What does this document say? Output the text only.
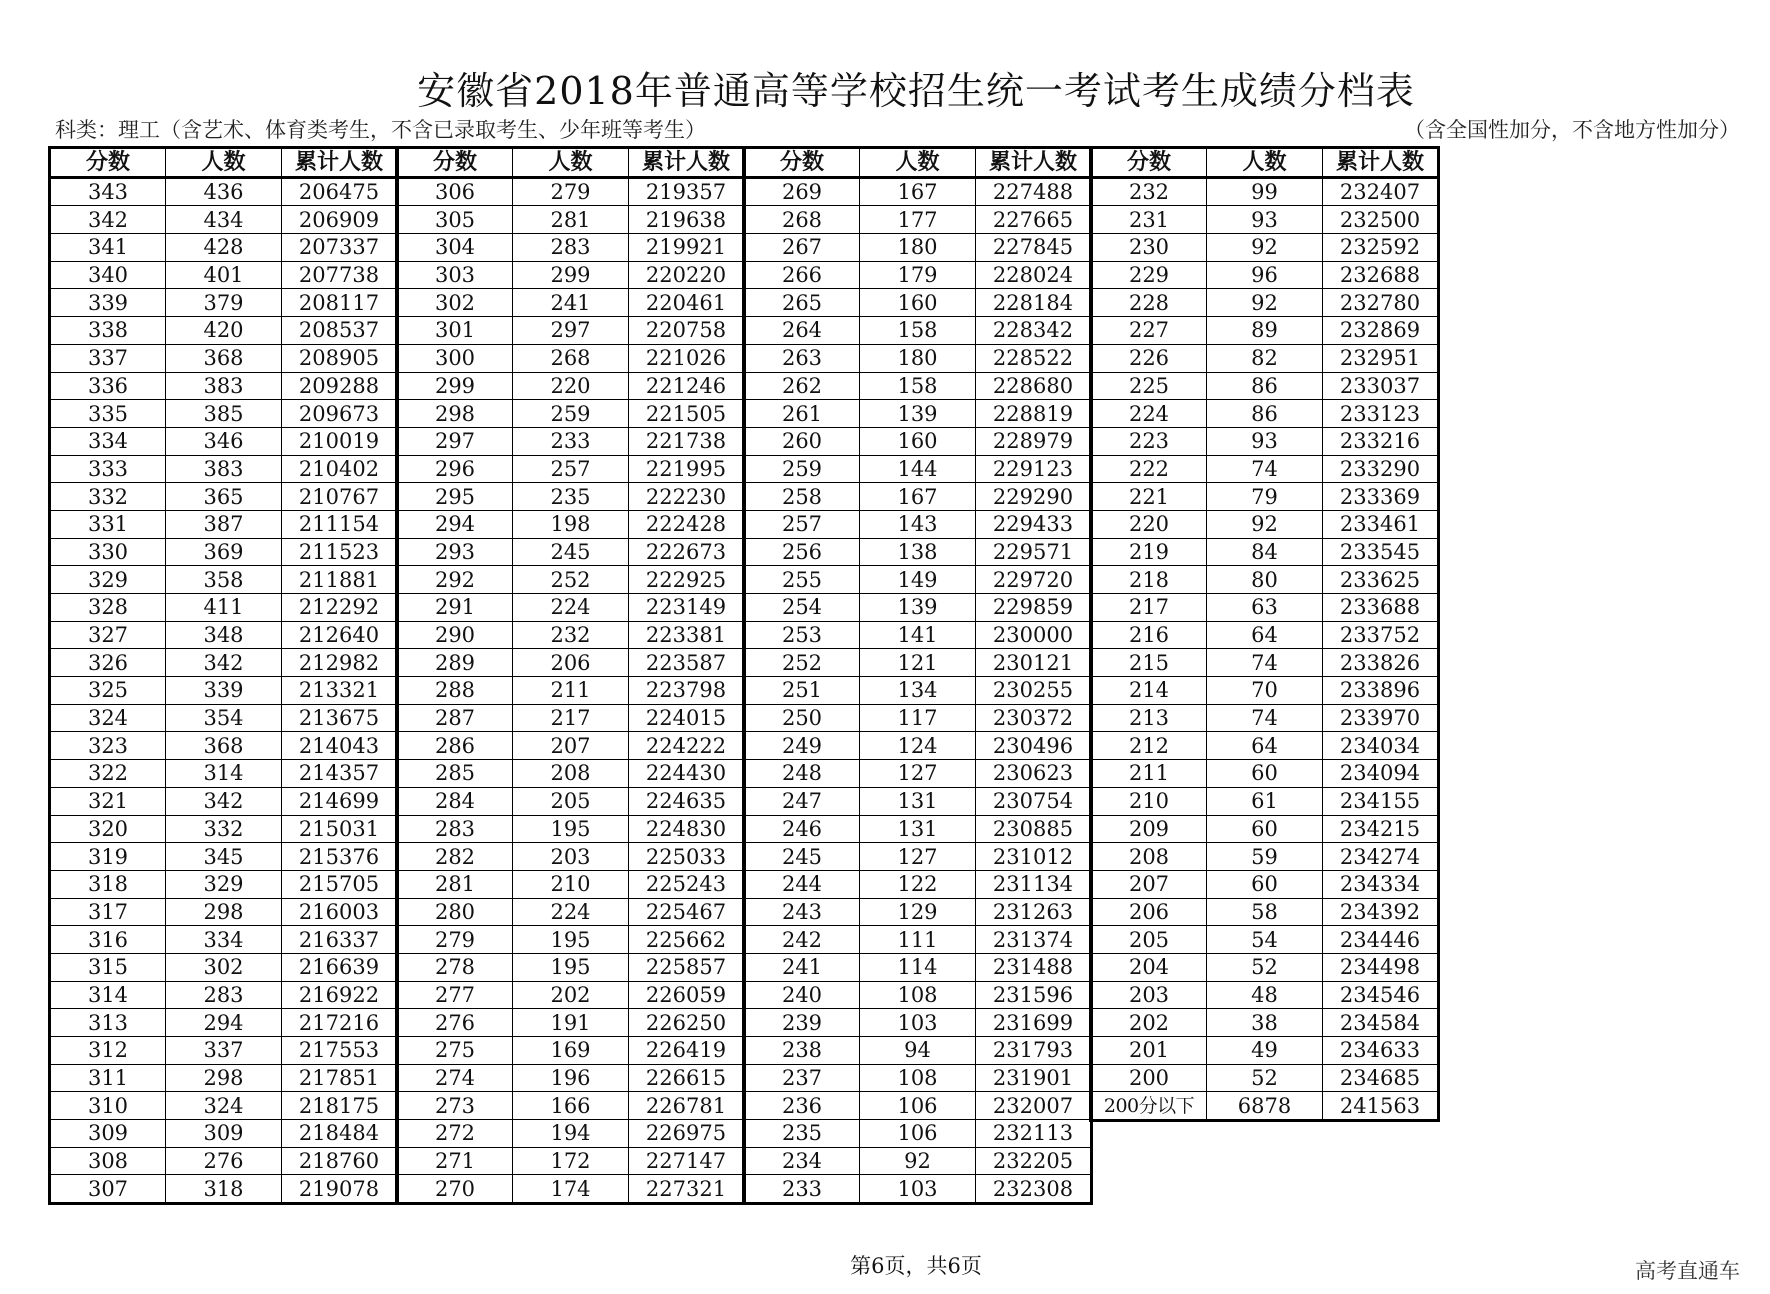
安徽省2018年普通高等学校招生统一考试考生成绩分档表
科类：理工（含艺术、体育类考生，不含已录取考生、少年班等考生）	（含全国性加分，不含地方性加分）
分数	人数	累计人数
343	436	206475
342	434	206909
341	428	207337
340	401	207738
339	379	208117
338	420	208537
337	368	208905
336	383	209288
335	385	209673
334	346	210019
333	383	210402
332	365	210767
331	387	211154
330	369	211523
329	358	211881
328	411	212292
327	348	212640
326	342	212982
325	339	213321
324	354	213675
323	368	214043
322	314	214357
321	342	214699
320	332	215031
319	345	215376
318	329	215705
317	298	216003
316	334	216337
315	302	216639
314	283	216922
313	294	217216
312	337	217553
311	298	217851
310	324	218175
309	309	218484
308	276	218760
307	318	219078
分数	人数	累计人数
306	279	219357
305	281	219638
304	283	219921
303	299	220220
302	241	220461
301	297	220758
300	268	221026
299	220	221246
298	259	221505
297	233	221738
296	257	221995
295	235	222230
294	198	222428
293	245	222673
292	252	222925
291	224	223149
290	232	223381
289	206	223587
288	211	223798
287	217	224015
286	207	224222
285	208	224430
284	205	224635
283	195	224830
282	203	225033
281	210	225243
280	224	225467
279	195	225662
278	195	225857
277	202	226059
276	191	226250
275	169	226419
274	196	226615
273	166	226781
272	194	226975
271	172	227147
270	174	227321
分数	人数	累计人数
269	167	227488
268	177	227665
267	180	227845
266	179	228024
265	160	228184
264	158	228342
263	180	228522
262	158	228680
261	139	228819
260	160	228979
259	144	229123
258	167	229290
257	143	229433
256	138	229571
255	149	229720
254	139	229859
253	141	230000
252	121	230121
251	134	230255
250	117	230372
249	124	230496
248	127	230623
247	131	230754
246	131	230885
245	127	231012
244	122	231134
243	129	231263
242	111	231374
241	114	231488
240	108	231596
239	103	231699
238	94	231793
237	108	231901
236	106	232007
235	106	232113
234	92	232205
233	103	232308
分数	人数	累计人数
232	99	232407
231	93	232500
230	92	232592
229	96	232688
228	92	232780
227	89	232869
226	82	232951
225	86	233037
224	86	233123
223	93	233216
222	74	233290
221	79	233369
220	92	233461
219	84	233545
218	80	233625
217	63	233688
216	64	233752
215	74	233826
214	70	233896
213	74	233970
212	64	234034
211	60	234094
210	61	234155
209	60	234215
208	59	234274
207	60	234334
206	58	234392
205	54	234446
204	52	234498
203	48	234546
202	38	234584
201	49	234633
200	52	234685
200分以下	6878	241563
第6页，共6页	高考直通车
